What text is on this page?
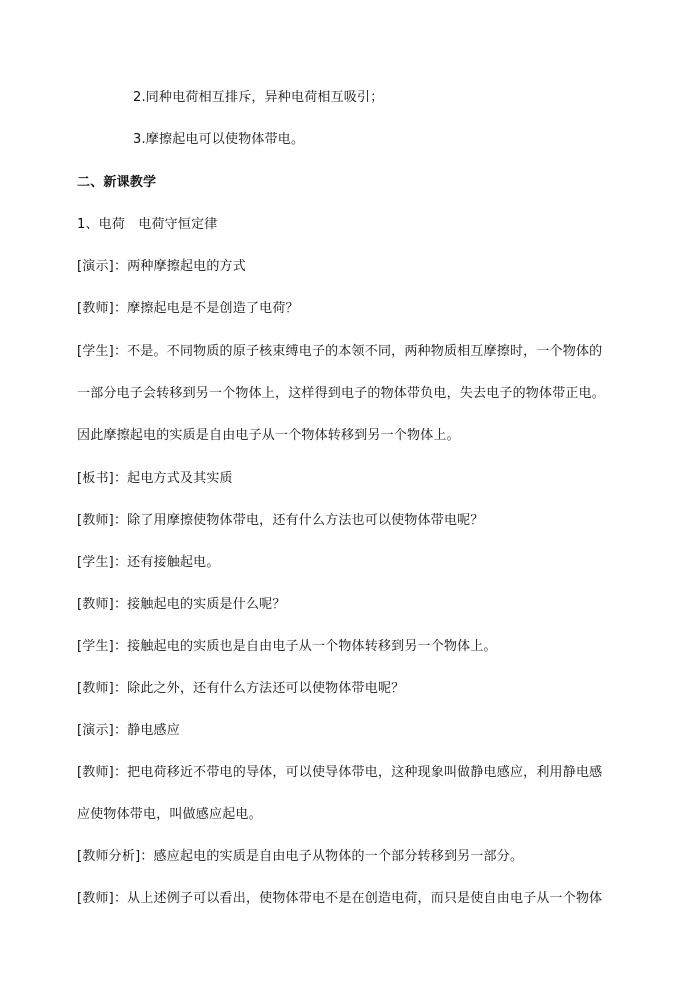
2.同种电荷相互排斥，异种电荷相互吸引；
3.摩擦起电可以使物体带电。
二、新课教学
1、电荷　电荷守恒定律
[演示]：两种摩擦起电的方式
[教师]：摩擦起电是不是创造了电荷？
[学生]：不是。不同物质的原子核束缚电子的本领不同，两种物质相互摩擦时，一个物体的
一部分电子会转移到另一个物体上，这样得到电子的物体带负电，失去电子的物体带正电。
因此摩擦起电的实质是自由电子从一个物体转移到另一个物体上。
[板书]：起电方式及其实质
[教师]：除了用摩擦使物体带电，还有什么方法也可以使物体带电呢？
[学生]：还有接触起电。
[教师]：接触起电的实质是什么呢？
[学生]：接触起电的实质也是自由电子从一个物体转移到另一个物体上。
[教师]：除此之外，还有什么方法还可以使物体带电呢？
[演示]：静电感应
[教师]：把电荷移近不带电的导体，可以使导体带电，这种现象叫做静电感应，利用静电感
应使物体带电，叫做感应起电。
[教师分析]：感应起电的实质是自由电子从物体的一个部分转移到另一部分。
[教师]：从上述例子可以看出，使物体带电不是在创造电荷，而只是使自由电子从一个物体
